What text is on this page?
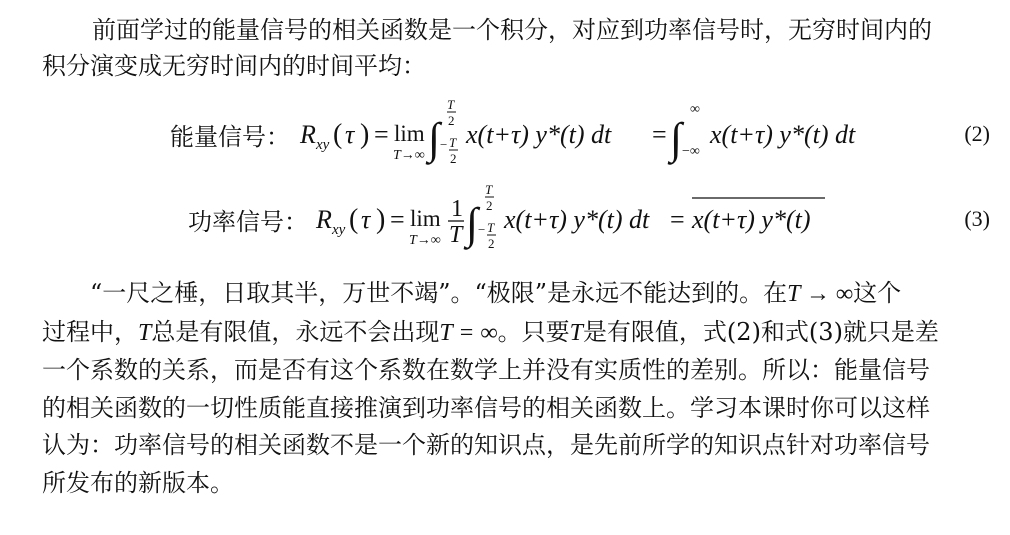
前面学过的能量信号的相关函数是一个积分，对应到功率信号时，无穷时间内的
积分演变成无穷时间内的时间平均：
能量信号： R xy ( τ ) = lim
T→∞ ∫
T
2
− T
2
x(t+τ) y*(t) dt = ∫
∞
−∞
x(t+τ) y*(t) dt	(2)
功率信号： R xy ( τ ) = lim
T→∞
1
T ∫
T
2
− T
2
x(t+τ) y*(t) dt = x(t+τ) y*(t)	(3)
“一尺之棰，日取其半，万世不竭”。“极限”是永远不能达到的。在T → ∞这个
过程中，T总是有限值，永远不会出现T = ∞。只要T是有限值，式(2)和式(3)就只是差
一个系数的关系，而是否有这个系数在数学上并没有实质性的差别。所以：能量信号
的相关函数的一切性质能直接推演到功率信号的相关函数上。学习本课时你可以这样
认为：功率信号的相关函数不是一个新的知识点，是先前所学的知识点针对功率信号
所发布的新版本。
